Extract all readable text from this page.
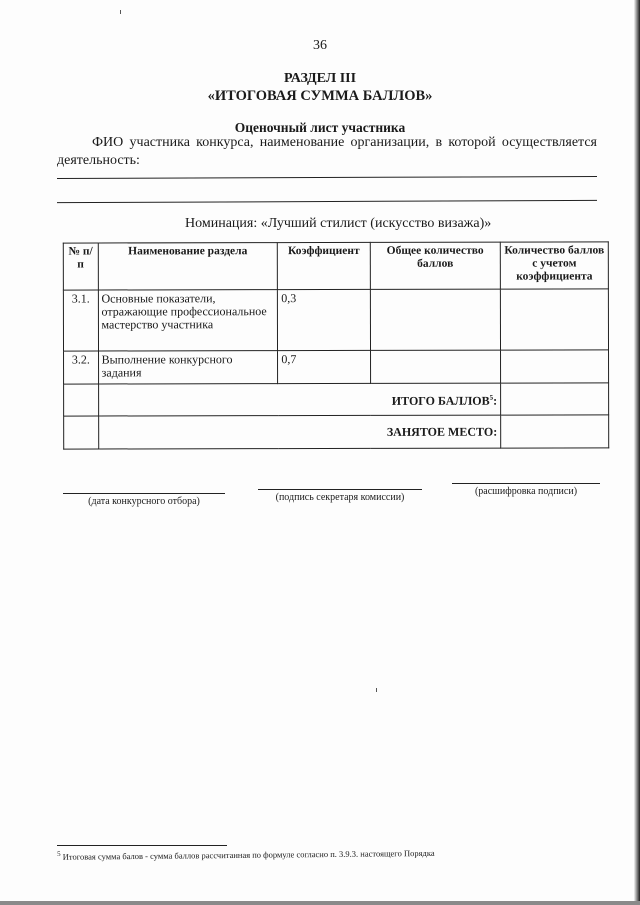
36
РАЗДЕЛ III
«ИТОГОВАЯ СУММА БАЛЛОВ»
Оценочный лист участника
ФИО участника конкурса, наименование организации, в которой осуществляется
деятельность:
Номинация: «Лучший стилист (искусство визажа)»
№ п/п	Наименование раздела	Коэффициент	Общее количество баллов	Количество баллов с учетом коэффициента
3.1.	Основные показатели, отражающие профессиональное мастерство участника	0,3		
3.2.	Выполнение конкурсного задания	0,7		
	ИТОГО БАЛЛОВ$^5$:			
	ЗАНЯТОЕ МЕСТО:			
(дата конкурсного отбора)	(подпись секретаря комиссии)
(расшифровка подписи)
$^5$ Итоговая сумма балов - сумма баллов рассчитанная по формуле согласно п. 3.9.3. настоящего Порядка
